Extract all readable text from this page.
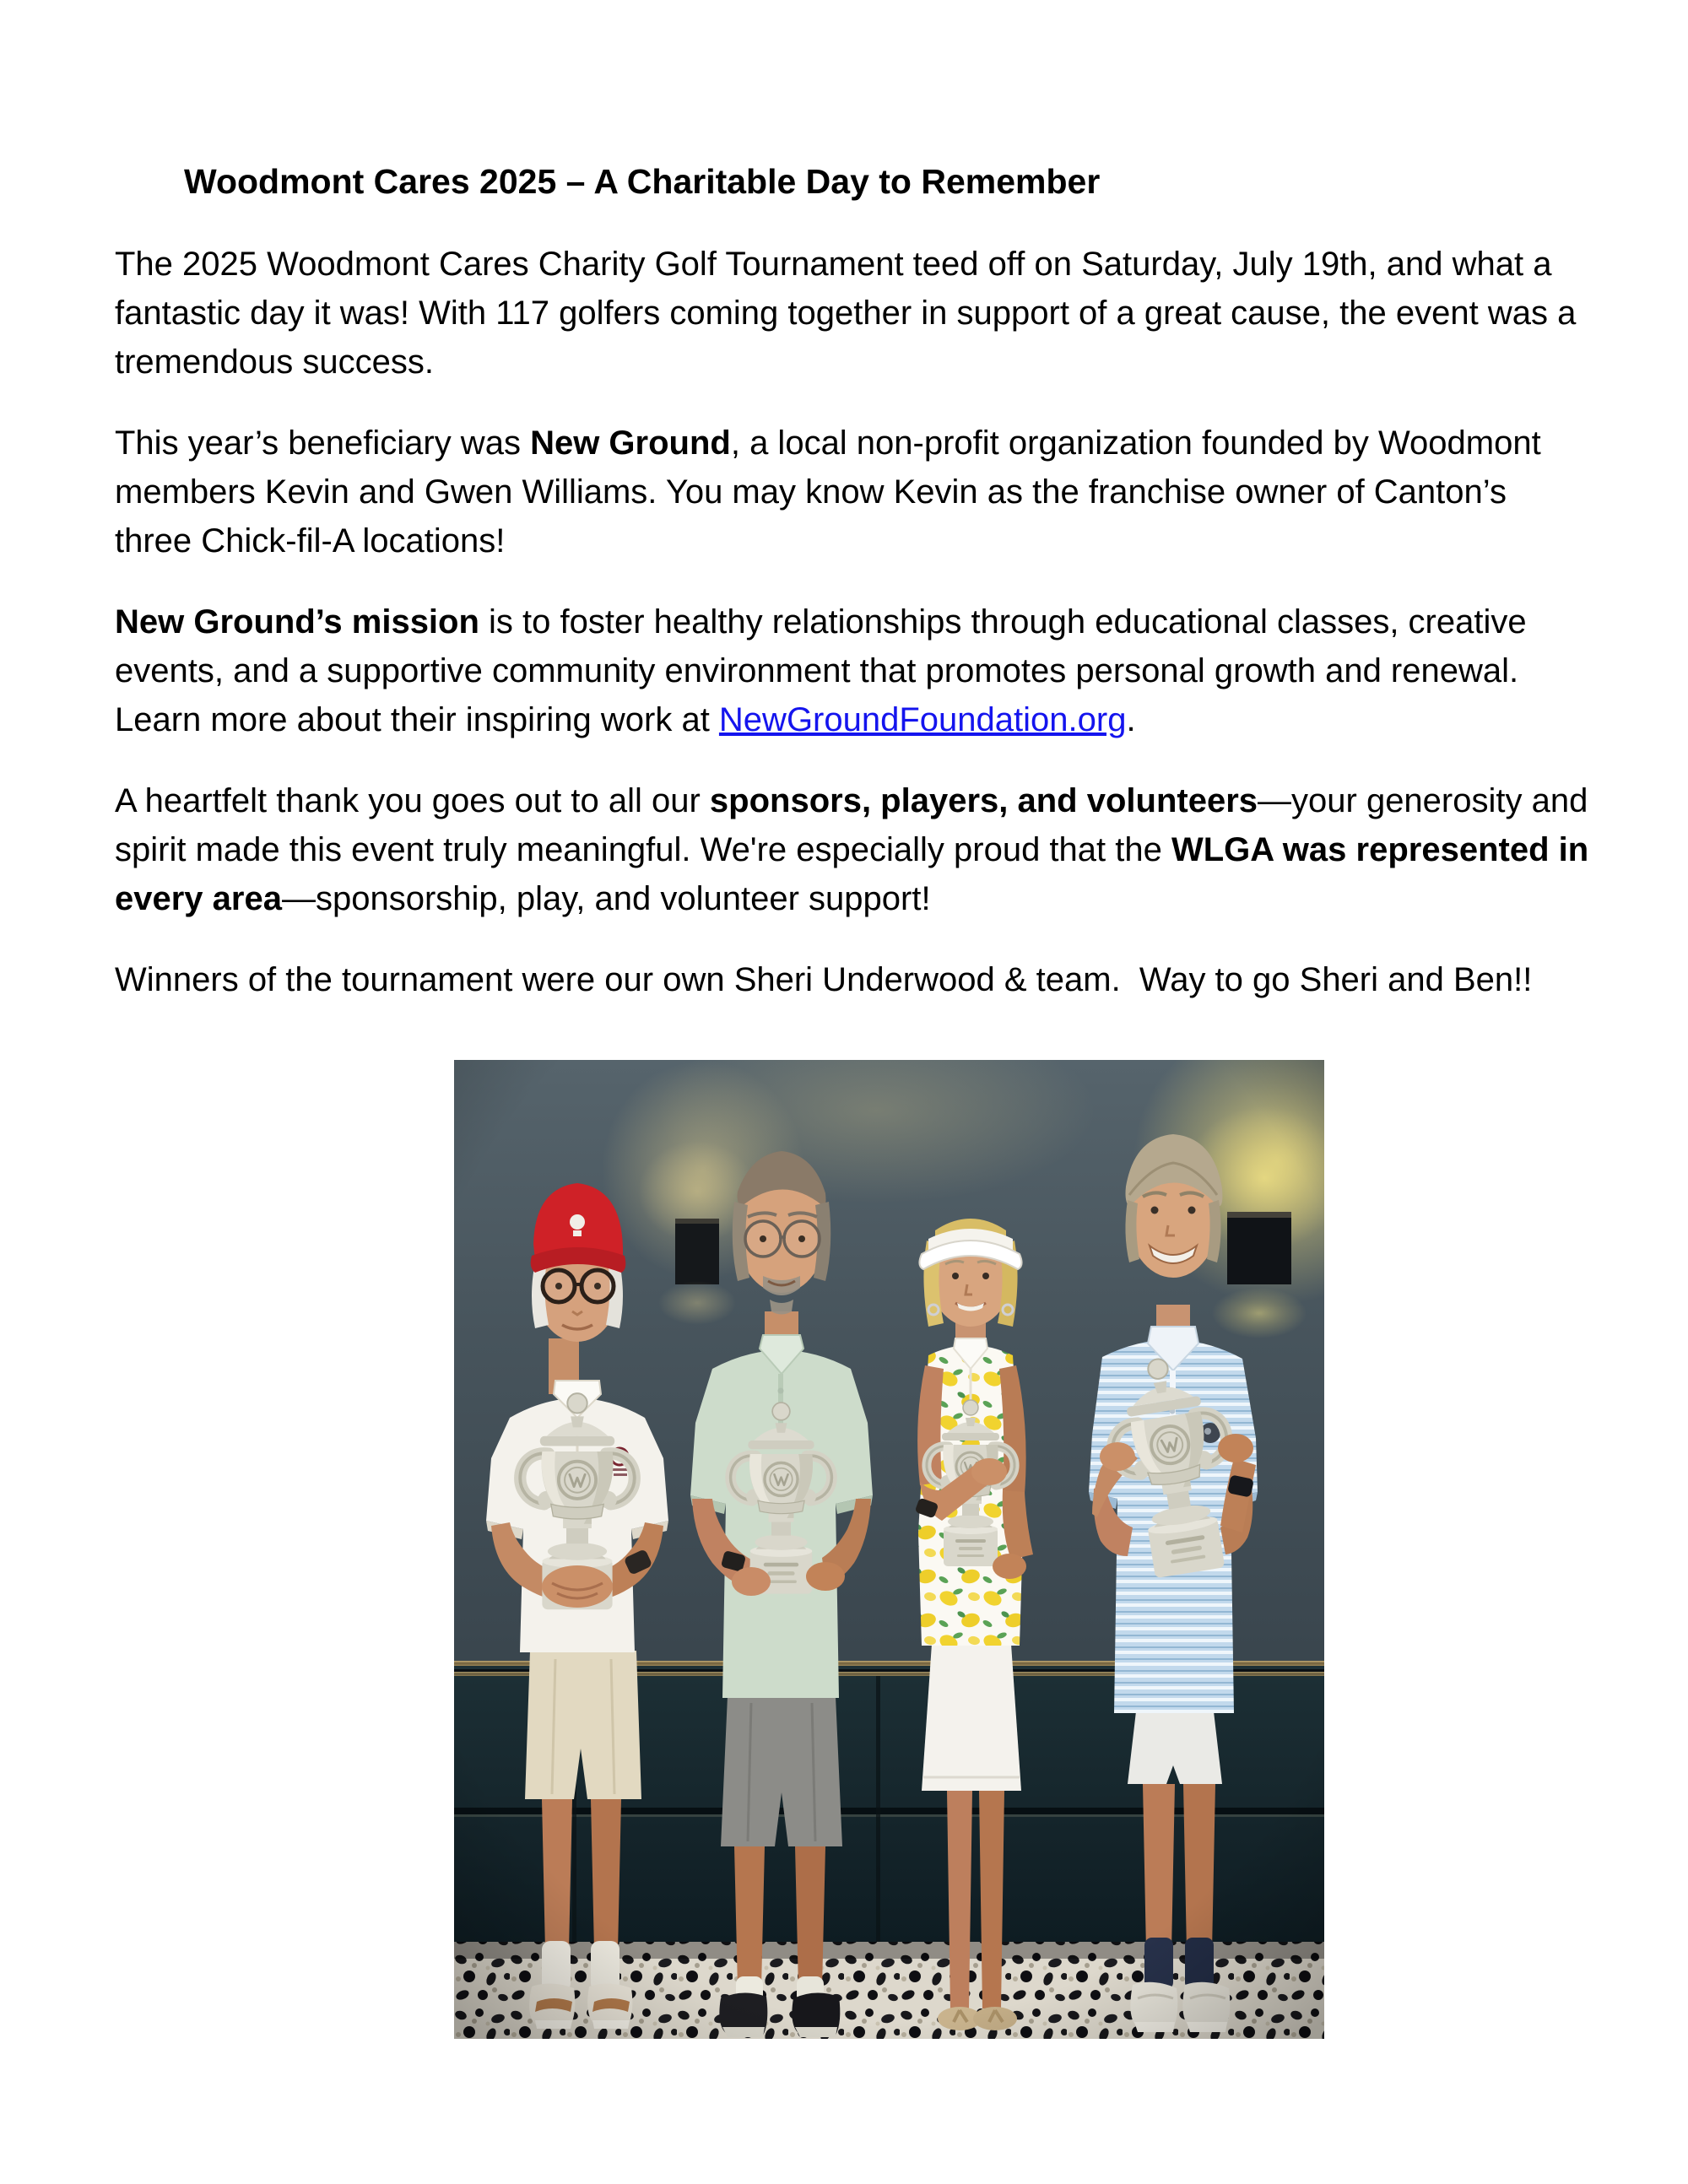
Woodmont Cares 2025 – A Charitable Day to Remember

The 2025 Woodmont Cares Charity Golf Tournament teed off on Saturday, July 19th, and what a fantastic day it was! With 117 golfers coming together in support of a great cause, the event was a tremendous success.

This year’s beneficiary was New Ground, a local non-profit organization founded by Woodmont members Kevin and Gwen Williams. You may know Kevin as the franchise owner of Canton’s three Chick-fil-A locations!

New Ground’s mission is to foster healthy relationships through educational classes, creative events, and a supportive community environment that promotes personal growth and renewal. Learn more about their inspiring work at NewGroundFoundation.org.

A heartfelt thank you goes out to all our sponsors, players, and volunteers—your generosity and spirit made this event truly meaningful. We're especially proud that the WLGA was represented in every area—sponsorship, play, and volunteer support!

Winners of the tournament were our own Sheri Underwood & team.  Way to go Sheri and Ben!!
